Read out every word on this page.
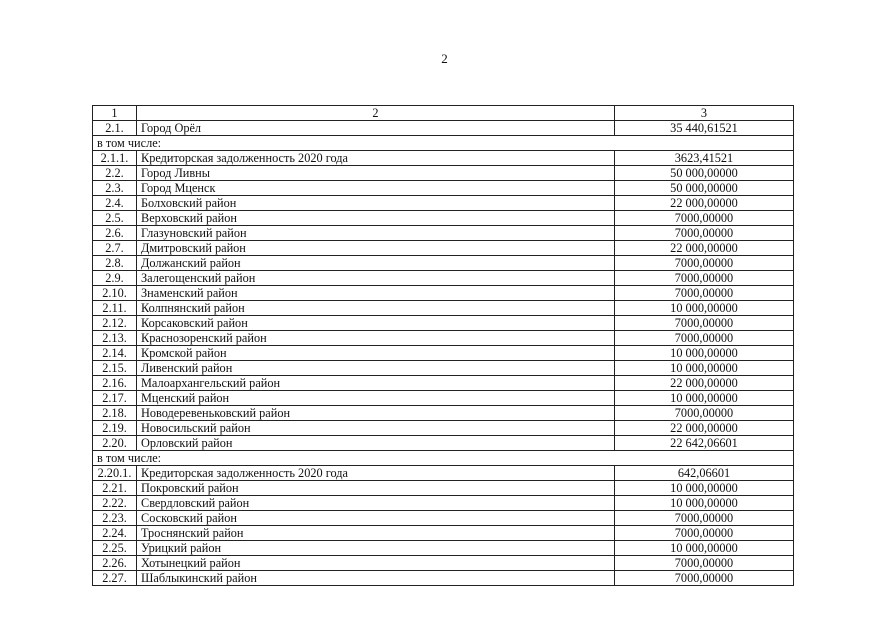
2
1	2	3
2.1.	Город Орёл	35 440,61521
в том числе:		
2.1.1.	Кредиторская задолженность 2020 года	3623,41521
2.2.	Город Ливны	50 000,00000
2.3.	Город Мценск	50 000,00000
2.4.	Болховский район	22 000,00000
2.5.	Верховский район	7000,00000
2.6.	Глазуновский район	7000,00000
2.7.	Дмитровский район	22 000,00000
2.8.	Должанский район	7000,00000
2.9.	Залегощенский район	7000,00000
2.10.	Знаменский район	7000,00000
2.11.	Колпнянский район	10 000,00000
2.12.	Корсаковский район	7000,00000
2.13.	Краснозоренский район	7000,00000
2.14.	Кромской район	10 000,00000
2.15.	Ливенский район	10 000,00000
2.16.	Малоархангельский район	22 000,00000
2.17.	Мценский район	10 000,00000
2.18.	Новодеревеньковский район	7000,00000
2.19.	Новосильский район	22 000,00000
2.20.	Орловский район	22 642,06601
в том числе:		
2.20.1.	Кредиторская задолженность 2020 года	642,06601
2.21.	Покровский район	10 000,00000
2.22.	Свердловский район	10 000,00000
2.23.	Сосковский район	7000,00000
2.24.	Троснянский район	7000,00000
2.25.	Урицкий район	10 000,00000
2.26.	Хотынецкий район	7000,00000
2.27.	Шаблыкинский район	7000,00000
